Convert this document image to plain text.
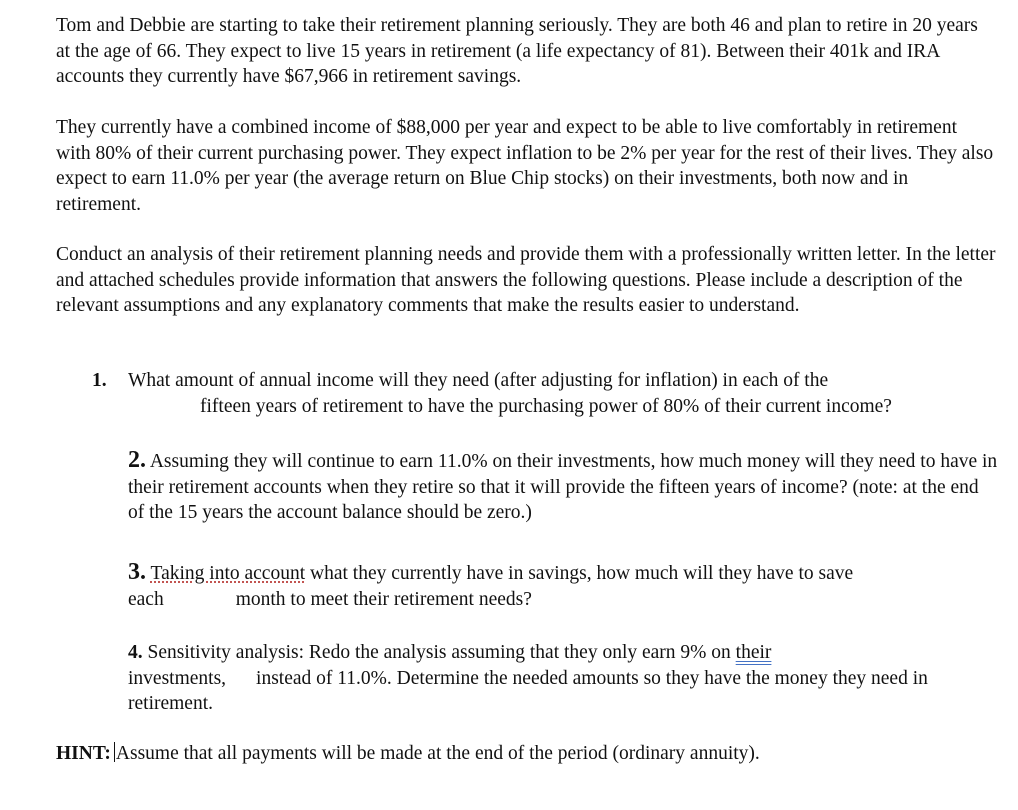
Tom and Debbie are starting to take their retirement planning seriously. They are both 46 and plan to retire in 20 years at the age of 66. They expect to live 15 years in retirement (a life expectancy of 81). Between their 401k and IRA accounts they currently have $67,966 in retirement savings.

They currently have a combined income of $88,000 per year and expect to be able to live comfortably in retirement with 80% of their current purchasing power. They expect inflation to be 2% per year for the rest of their lives. They also expect to earn 11.0% per year (the average return on Blue Chip stocks) on their investments, both now and in retirement.

Conduct an analysis of their retirement planning needs and provide them with a professionally written letter. In the letter and attached schedules provide information that answers the following questions. Please include a description of the relevant assumptions and any explanatory comments that make the results easier to understand.

1. What amount of annual income will they need (after adjusting for inflation) in each of the
fifteen years of retirement to have the purchasing power of 80% of their current income?

2. Assuming they will continue to earn 11.0% on their investments, how much money will they need to have in their retirement accounts when they retire so that it will provide the fifteen years of income? (note: at the end of the 15 years the account balance should be zero.)

3. Taking into account what they currently have in savings, how much will they have to save
each	month to meet their retirement needs?

4. Sensitivity analysis: Redo the analysis assuming that they only earn 9% on their
investments, instead of 11.0%. Determine the needed amounts so they have the money they need in retirement.

HINT: Assume that all payments will be made at the end of the period (ordinary annuity).
